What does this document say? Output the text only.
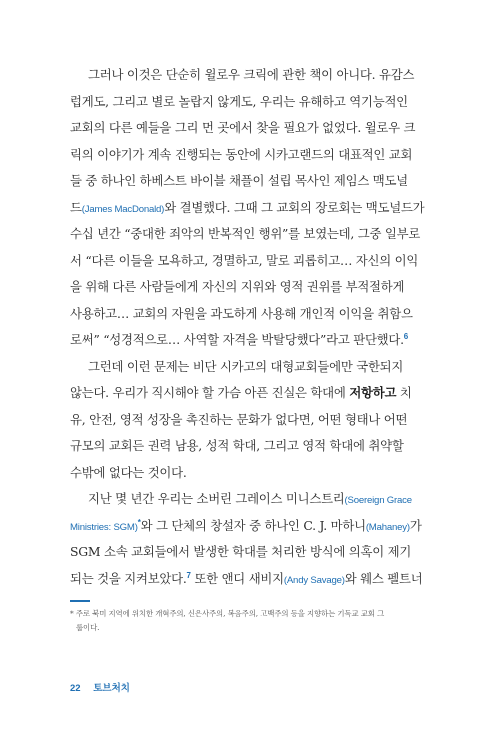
그러나 이것은 단순히 윌로우 크릭에 관한 책이 아니다. 유감스
럽게도, 그리고 별로 놀랍지 않게도, 우리는 유해하고 역기능적인
교회의 다른 예들을 그리 먼 곳에서 찾을 필요가 없었다. 윌로우 크
릭의 이야기가 계속 진행되는 동안에 시카고랜드의 대표적인 교회
들 중 하나인 하베스트 바이블 채플이 설립 목사인 제임스 맥도널
드(James MacDonald)와 결별했다. 그때 그 교회의 장로회는 맥도널드가
수십 년간 “중대한 죄악의 반복적인 행위”를 보였는데, 그중 일부로
서 “다른 이들을 모욕하고, 경멸하고, 말로 괴롭히고… 자신의 이익
을 위해 다른 사람들에게 자신의 지위와 영적 권위를 부적절하게
사용하고… 교회의 자원을 과도하게 사용해 개인적 이익을 취함으
로써” “성경적으로… 사역할 자격을 박탈당했다”라고 판단했다.$^6$
그런데 이런 문제는 비단 시카고의 대형교회들에만 국한되지
않는다. 우리가 직시해야 할 가슴 아픈 진실은 학대에 저항하고 치
유, 안전, 영적 성장을 촉진하는 문화가 없다면, 어떤 형태나 어떤
규모의 교회든 권력 남용, 성적 학대, 그리고 영적 학대에 취약할
수밖에 없다는 것이다.
지난 몇 년간 우리는 소버린 그레이스 미니스트리(Soereign Grace
Ministries: SGM)*와 그 단체의 창설자 중 하나인 C. J. 마하니(Mahaney)가
SGM 소속 교회들에서 발생한 학대를 처리한 방식에 의혹이 제기
되는 것을 지켜보았다.$^7$ 또한 앤디 새비지(Andy Savage)와 웨스 펠트너
* 주로 북미 지역에 위치한 개혁주의, 신은사주의, 복음주의, 고백주의 등을 지향하는 기독교 교회 그
룹이다.
22 토브처치
